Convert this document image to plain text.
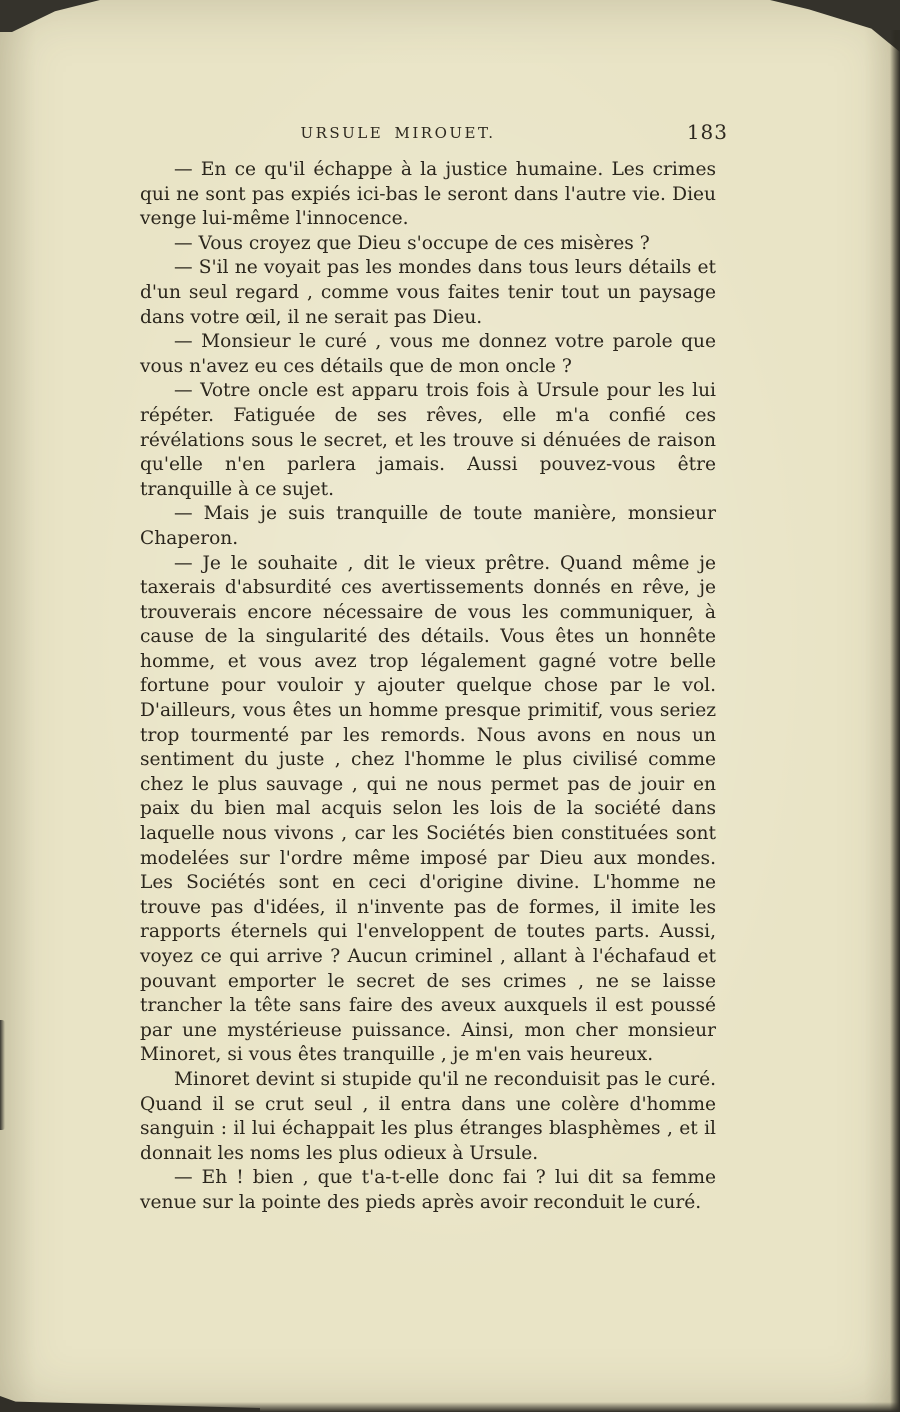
URSULE MIROUET.	183

— En ce qu'il échappe à la justice humaine. Les crimes qui ne sont pas expiés ici-bas le seront dans l'autre vie. Dieu venge lui-même l'innocence.

— Vous croyez que Dieu s'occupe de ces misères ?

— S'il ne voyait pas les mondes dans tous leurs détails et d'un seul regard , comme vous faites tenir tout un paysage dans votre œil, il ne serait pas Dieu.

— Monsieur le curé , vous me donnez votre parole que vous n'avez eu ces détails que de mon oncle ?

— Votre oncle est apparu trois fois à Ursule pour les lui répéter. Fatiguée de ses rêves, elle m'a confié ces révélations sous le secret, et les trouve si dénuées de raison qu'elle n'en parlera jamais. Aussi pouvez-vous être tranquille à ce sujet.

— Mais je suis tranquille de toute manière, monsieur Chaperon.

— Je le souhaite , dit le vieux prêtre. Quand même je taxerais d'absurdité ces avertissements donnés en rêve, je trouverais encore nécessaire de vous les communiquer, à cause de la singularité des détails. Vous êtes un honnête homme, et vous avez trop légalement gagné votre belle fortune pour vouloir y ajouter quelque chose par le vol. D'ailleurs, vous êtes un homme presque primitif, vous seriez trop tourmenté par les remords. Nous avons en nous un sentiment du juste , chez l'homme le plus civilisé comme chez le plus sauvage , qui ne nous permet pas de jouir en paix du bien mal acquis selon les lois de la société dans laquelle nous vivons , car les Sociétés bien constituées sont modelées sur l'ordre même imposé par Dieu aux mondes. Les Sociétés sont en ceci d'origine divine. L'homme ne trouve pas d'idées, il n'invente pas de formes, il imite les rapports éternels qui l'enveloppent de toutes parts. Aussi, voyez ce qui arrive ? Aucun criminel , allant à l'échafaud et pouvant emporter le secret de ses crimes , ne se laisse trancher la tête sans faire des aveux auxquels il est poussé par une mystérieuse puissance. Ainsi, mon cher monsieur Minoret, si vous êtes tranquille , je m'en vais heureux.

Minoret devint si stupide qu'il ne reconduisit pas le curé. Quand il se crut seul , il entra dans une colère d'homme sanguin : il lui échappait les plus étranges blasphèmes , et il donnait les noms les plus odieux à Ursule.

— Eh ! bien , que t'a-t-elle donc fai ? lui dit sa femme venue sur la pointe des pieds après avoir reconduit le curé.
